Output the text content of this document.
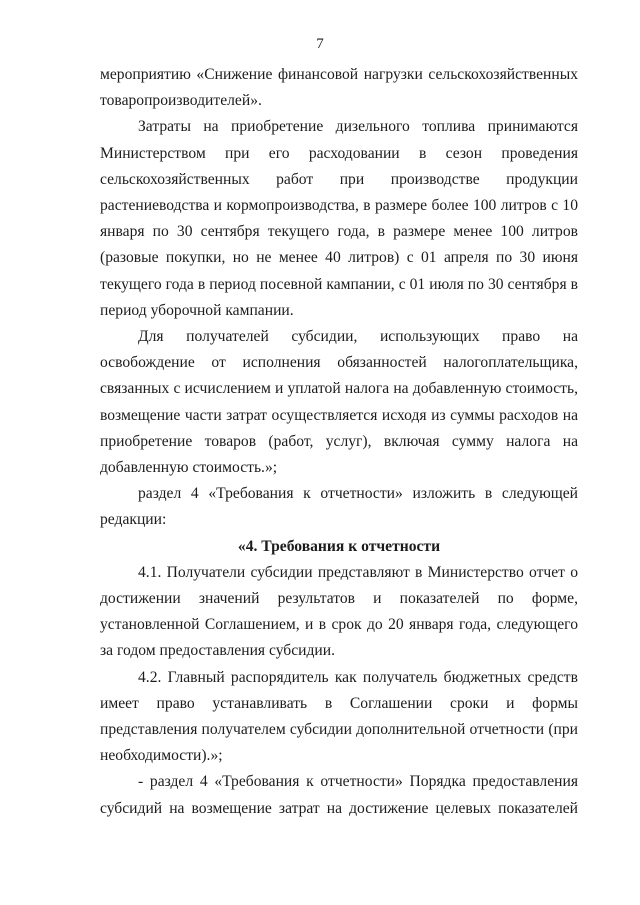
7

мероприятию «Снижение финансовой нагрузки сельскохозяйственных товаропроизводителей».

Затраты на приобретение дизельного топлива принимаются Министерством при его расходовании в сезон проведения сельскохозяйственных работ при производстве продукции растениеводства и кормопроизводства, в размере более 100 литров с 10 января по 30 сентября текущего года, в размере менее 100 литров (разовые покупки, но не менее 40 литров) с 01 апреля по 30 июня текущего года в период посевной кампании, с 01 июля по 30 сентября в период уборочной кампании.

Для получателей субсидии, использующих право на освобождение от исполнения обязанностей налогоплательщика, связанных с исчислением и уплатой налога на добавленную стоимость, возмещение части затрат осуществляется исходя из суммы расходов на приобретение товаров (работ, услуг), включая сумму налога на добавленную стоимость.»;

раздел 4 «Требования к отчетности» изложить в следующей редакции:

«4. Требования к отчетности

4.1. Получатели субсидии представляют в Министерство отчет о достижении значений результатов и показателей по форме, установленной Соглашением, и в срок до 20 января года, следующего за годом предоставления субсидии.

4.2. Главный распорядитель как получатель бюджетных средств имеет право устанавливать в Соглашении сроки и формы представления получателем субсидии дополнительной отчетности (при необходимости).»;

- раздел 4 «Требования к отчетности» Порядка предоставления субсидий на возмещение затрат на достижение целевых показателей
